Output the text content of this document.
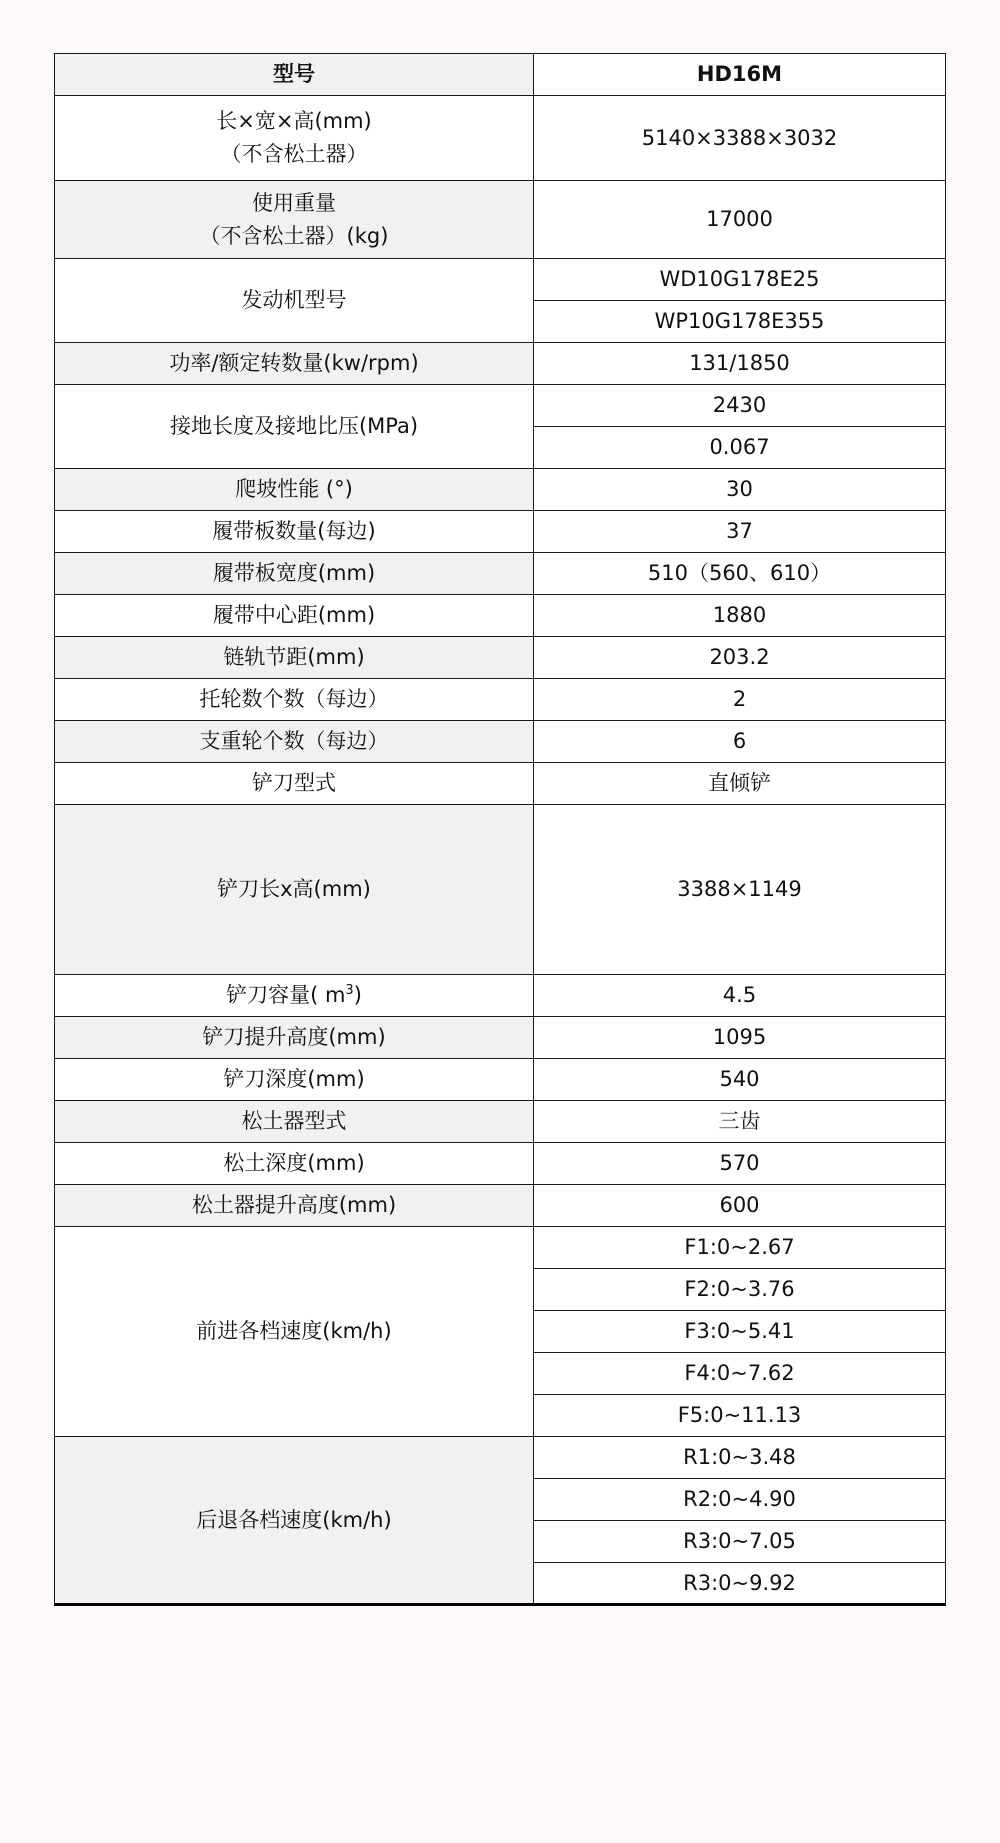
型号	HD16M

长×宽×高(mm)
（不含松土器）	5140×3388×3032

使用重量
（不含松土器）(kg)	17000
发动机型号	WD10G178E25
	WP10G178E355
功率/额定转数量(kw/rpm)	131/1850
接地长度及接地比压(MPa)	2430
	0.067
爬坡性能 (°)	30
履带板数量(每边)	37
履带板宽度(mm)	510（560、610）
履带中心距(mm)	1880
链轨节距(mm)	203.2
托轮数个数（每边）	2
支重轮个数（每边）	6
铲刀型式	直倾铲
铲刀长x高(mm)	3388×1149
铲刀容量( $m^3$)	4.5
铲刀提升高度(mm)	1095
铲刀深度(mm)	540
松土器型式	三齿
松土深度(mm)	570
松土器提升高度(mm)	600
前进各档速度(km/h)	F1:0~2.67
	F2:0~3.76
	F3:0~5.41
	F4:0~7.62
	F5:0~11.13
后退各档速度(km/h)	R1:0~3.48
	R2:0~4.90
	R3:0~7.05
	R3:0~9.92
